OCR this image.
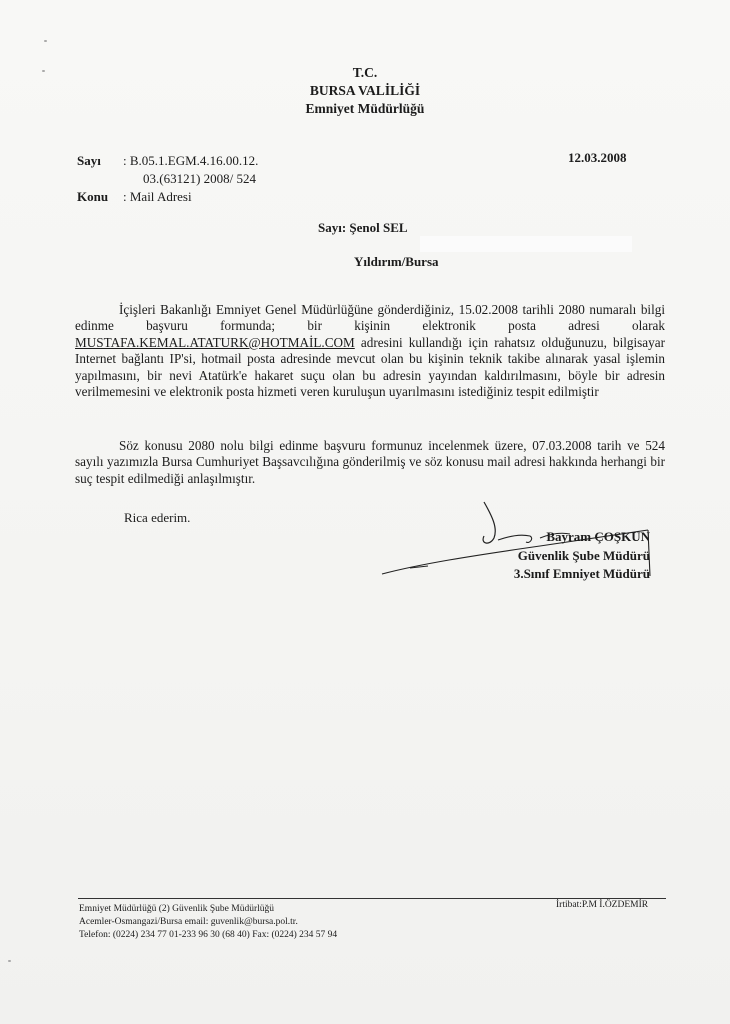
T.C.
BURSA VALİLİĞİ
Emniyet Müdürlüğü
Sayı	: B.05.1.EGM.4.16.00.12.
03.(63121) 2008/ 524
Konu	: Mail Adresi
12.03.2008
Sayı: Şenol SEL
Yıldırım/Bursa
İçişleri Bakanlığı Emniyet Genel Müdürlüğüne gönderdiğiniz, 15.02.2008 tarihli 2080 numaralı bilgi edinme başvuru formunda; bir kişinin elektronik posta adresi olarak MUSTAFA.KEMAL.ATATURK@HOTMAİL.COM adresini kullandığı için rahatsız olduğunuzu, bilgisayar Internet bağlantı IP'si, hotmail posta adresinde mevcut olan bu kişinin teknik takibe alınarak yasal işlemin yapılmasını, bir nevi Atatürk'e hakaret suçu olan bu adresin yayından kaldırılmasını, böyle bir adresin verilmemesini ve elektronik posta hizmeti veren kuruluşun uyarılmasını istediğiniz tespit edilmiştir
Söz konusu 2080 nolu bilgi edinme başvuru formunuz incelenmek üzere, 07.03.2008 tarih ve 524 sayılı yazımızla Bursa Cumhuriyet Başsavcılığına gönderilmiş ve söz konusu mail adresi hakkında herhangi bir suç tespit edilmediği anlaşılmıştır.
Rica ederim.
Bayram ÇOŞKUN
Güvenlik Şube Müdürü
3.Sınıf Emniyet Müdürü
Emniyet Müdürlüğü (2) Güvenlik Şube Müdürlüğü
Acemler-Osmangazi/Bursa email: guvenlik@bursa.pol.tr.
Telefon: (0224) 234 77 01-233 96 30 (68 40) Fax: (0224) 234 57 94
İrtibat:P.M İ.ÖZDEMİR
